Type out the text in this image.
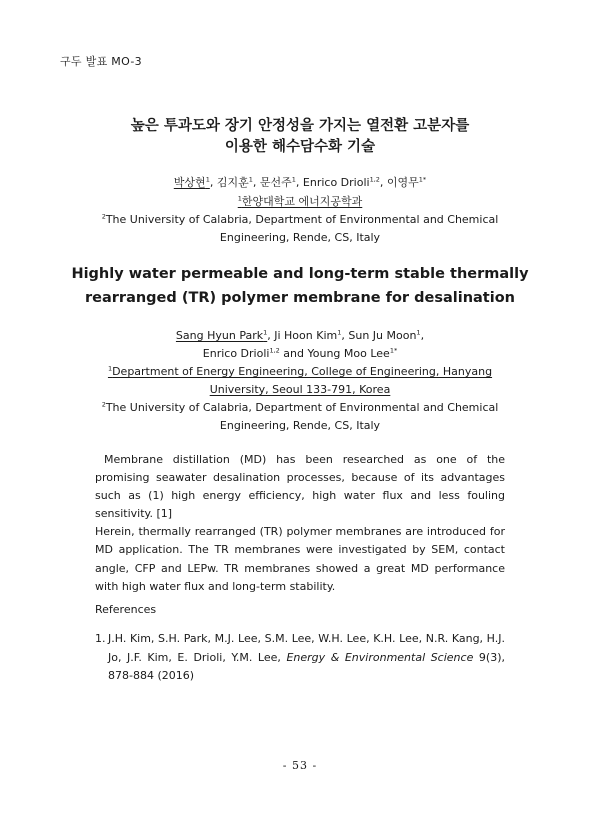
구두 발표 MO-3
높은 투과도와 장기 안정성을 가지는 열전환 고분자를
이용한 해수담수화 기술
박상현$^1$, 김지훈$^1$, 문선주$^1$, Enrico Drioli$^{1,2}$, 이영무$^{1*}$
$^1$한양대학교 에너지공학과
$^2$The University of Calabria, Department of Environmental and Chemical
Engineering, Rende, CS, Italy
Highly water permeable and long-term stable thermally
rearranged (TR) polymer membrane for desalination
Sang Hyun Park$^1$, Ji Hoon Kim$^1$, Sun Ju Moon$^1$,
Enrico Drioli$^{1,2}$ and Young Moo Lee$^{1*}$
$^1$Department of Energy Engineering, College of Engineering, Hanyang
University, Seoul 133-791, Korea
$^2$The University of Calabria, Department of Environmental and Chemical
Engineering, Rende, CS, Italy

Membrane distillation (MD) has been researched as one of the promising seawater desalination processes, because of its advantages such as (1) high energy efficiency, high water flux and less fouling sensitivity. [1]

Herein, thermally rearranged (TR) polymer membranes are introduced for MD application. The TR membranes were investigated by SEM, contact angle, CFP and LEPw. TR membranes showed a great MD performance with high water flux and long-term stability.

References
1. J.H. Kim, S.H. Park, M.J. Lee, S.M. Lee, W.H. Lee, K.H. Lee, N.R. Kang, H.J. Jo, J.F. Kim, E. Drioli, Y.M. Lee, Energy & Environmental Science 9(3), 878-884 (2016)
- 53 -
